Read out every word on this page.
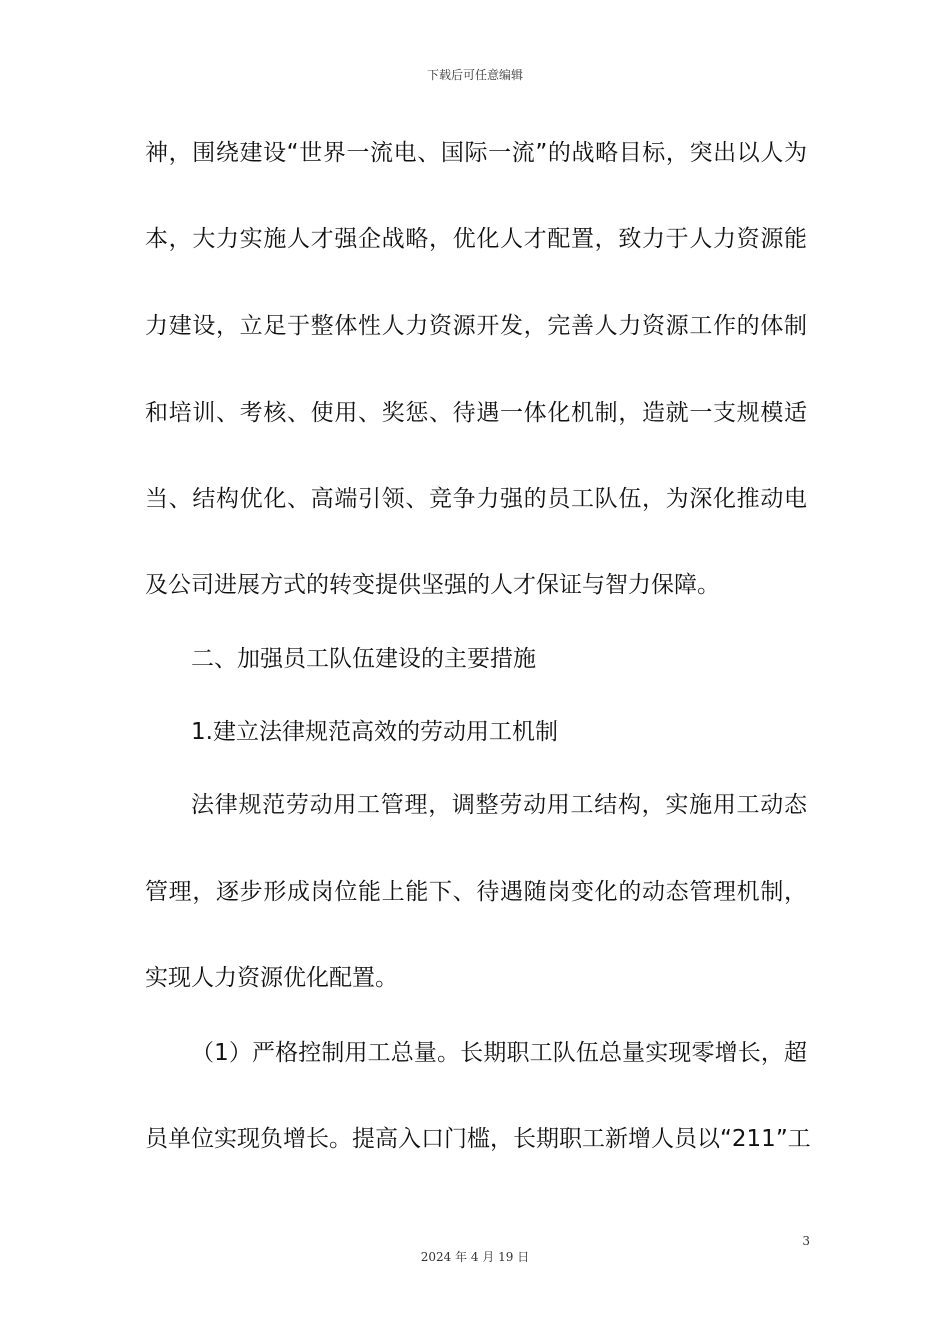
下载后可任意编辑
神，围绕建设“世界一流电、国际一流”的战略目标，突出以人为
本，大力实施人才强企战略，优化人才配置，致力于人力资源能
力建设，立足于整体性人力资源开发，完善人力资源工作的体制
和培训、考核、使用、奖惩、待遇一体化机制，造就一支规模适
当、结构优化、高端引领、竞争力强的员工队伍，为深化推动电
及公司进展方式的转变提供坚强的人才保证与智力保障。
二、加强员工队伍建设的主要措施
1.建立法律规范高效的劳动用工机制
法律规范劳动用工管理，调整劳动用工结构，实施用工动态
管理，逐步形成岗位能上能下、待遇随岗变化的动态管理机制，
实现人力资源优化配置。
（1）严格控制用工总量。长期职工队伍总量实现零增长，超
员单位实现负增长。提高入口门槛，长期职工新增人员以“211”工
3
2024 年 4 月 19 日
